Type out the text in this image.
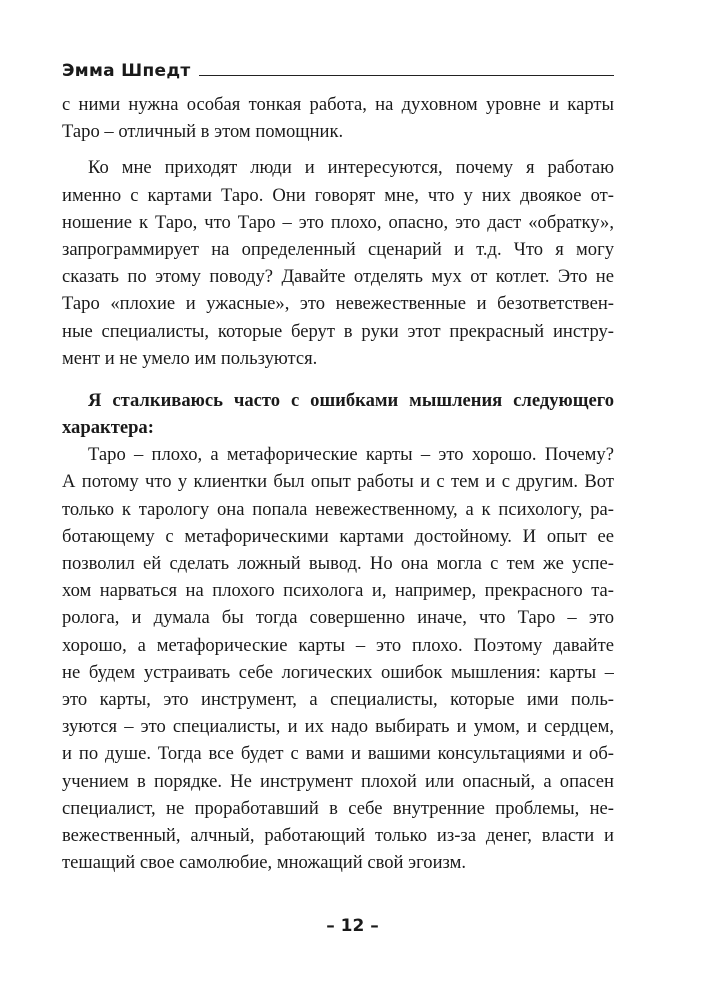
Эмма Шпедт
с ними нужна особая тонкая работа, на духовном уровне и карты
Таро – отличный в этом помощник.
Ко мне приходят люди и интересуются, почему я работаю
именно с картами Таро. Они говорят мне, что у них двоякое от-
ношение к Таро, что Таро – это плохо, опасно, это даст «обратку»,
запрограммирует на определенный сценарий и т.д. Что я могу
сказать по этому поводу? Давайте отделять мух от котлет. Это не
Таро «плохие и ужасные», это невежественные и безответствен-
ные специалисты, которые берут в руки этот прекрасный инстру-
мент и не умело им пользуются.
Я сталкиваюсь часто с ошибками мышления следующего
характера:
Таро – плохо, а метафорические карты – это хорошо. Почему?
А потому что у клиентки был опыт работы и с тем и с другим. Вот
только к тарологу она попала невежественному, а к психологу, ра-
ботающему с метафорическими картами достойному. И опыт ее
позволил ей сделать ложный вывод. Но она могла с тем же успе-
хом нарваться на плохого психолога и, например, прекрасного та-
ролога, и думала бы тогда совершенно иначе, что Таро – это
хорошо, а метафорические карты – это плохо. Поэтому давайте
не будем устраивать себе логических ошибок мышления: карты –
это карты, это инструмент, а специалисты, которые ими поль-
зуются – это специалисты, и их надо выбирать и умом, и сердцем,
и по душе. Тогда все будет с вами и вашими консультациями и об-
учением в порядке. Не инструмент плохой или опасный, а опасен
специалист, не проработавший в себе внутренние проблемы, не-
вежественный, алчный, работающий только из-за денег, власти и
тешащий свое самолюбие, множащий свой эгоизм.
– 12 –
